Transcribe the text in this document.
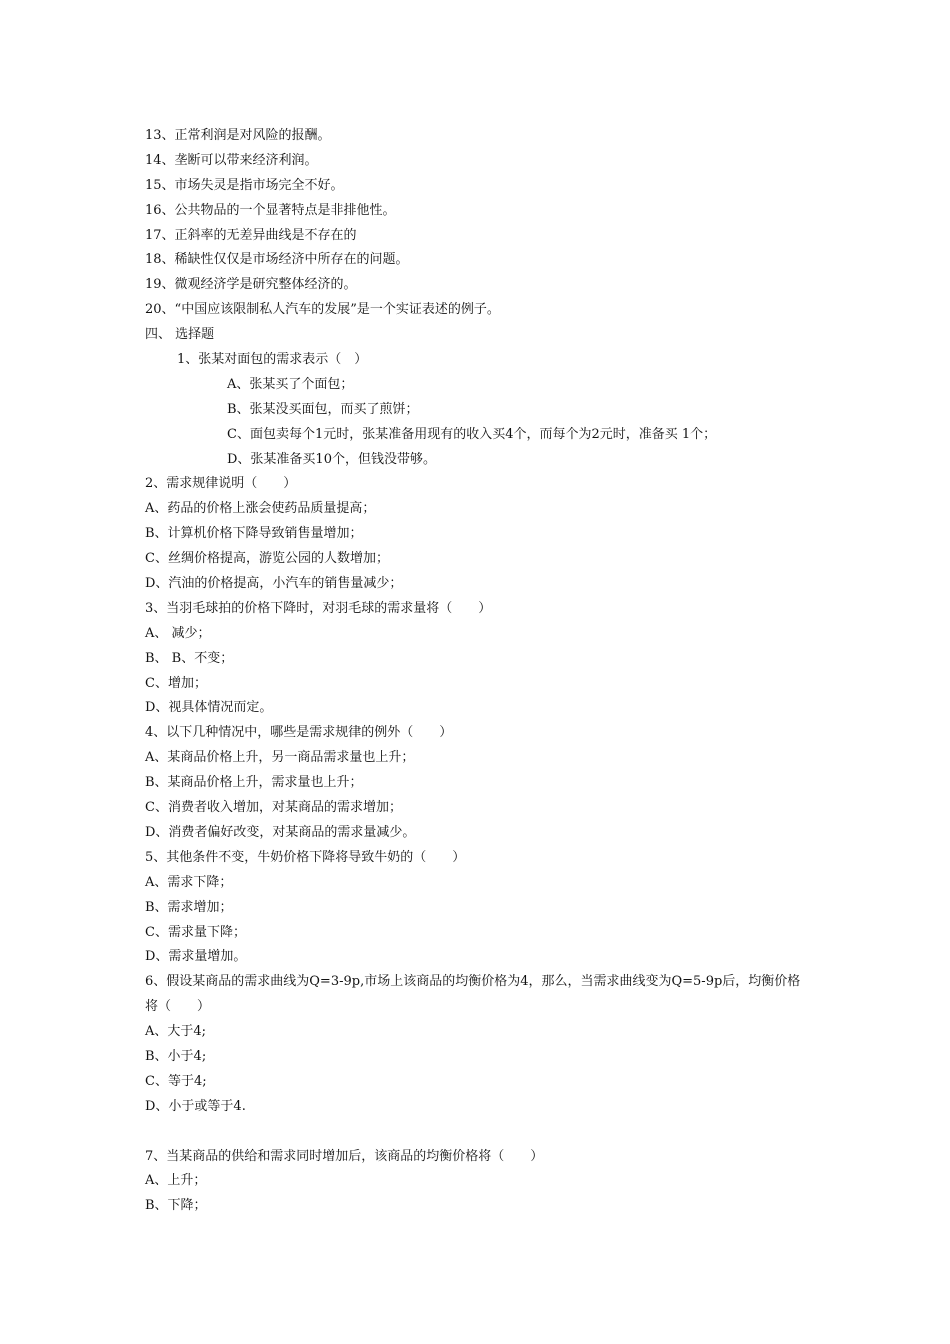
13、正常利润是对风险的报酬。
14、垄断可以带来经济利润。
15、市场失灵是指市场完全不好。
16、公共物品的一个显著特点是非排他性。
17、正斜率的无差异曲线是不存在的
18、稀缺性仅仅是市场经济中所存在的问题。
19、微观经济学是研究整体经济的。
20、“中国应该限制私人汽车的发展”是一个实证表述的例子。
四、 选择题
1、张某对面包的需求表示（　）
A、张某买了个面包；
B、张某没买面包，而买了煎饼；
C、面包卖每个1元时，张某准备用现有的收入买4个，而每个为2元时，准备买 1个；
D、张某准备买10个，但钱没带够。
2、需求规律说明（　　）
A、药品的价格上涨会使药品质量提高；
B、计算机价格下降导致销售量增加；
C、丝绸价格提高，游览公园的人数增加；
D、汽油的价格提高，小汽车的销售量减少；
3、当羽毛球拍的价格下降时，对羽毛球的需求量将（　　）
A、 减少；
B、 B、不变；
C、增加；
D、视具体情况而定。
4、以下几种情况中，哪些是需求规律的例外（　　）
A、某商品价格上升，另一商品需求量也上升；
B、某商品价格上升，需求量也上升；
C、消费者收入增加，对某商品的需求增加；
D、消费者偏好改变，对某商品的需求量减少。
5、其他条件不变，牛奶价格下降将导致牛奶的（　　）
A、需求下降；
B、需求增加；
C、需求量下降；
D、需求量增加。
6、假设某商品的需求曲线为Q=3-9p,市场上该商品的均衡价格为4，那么，当需求曲线变为Q=5-9p后，均衡价格将（　　）
A、大于4;
B、小于4;
C、等于4;
D、小于或等于4.
7、当某商品的供给和需求同时增加后，该商品的均衡价格将（　　）
A、上升；
B、下降；
